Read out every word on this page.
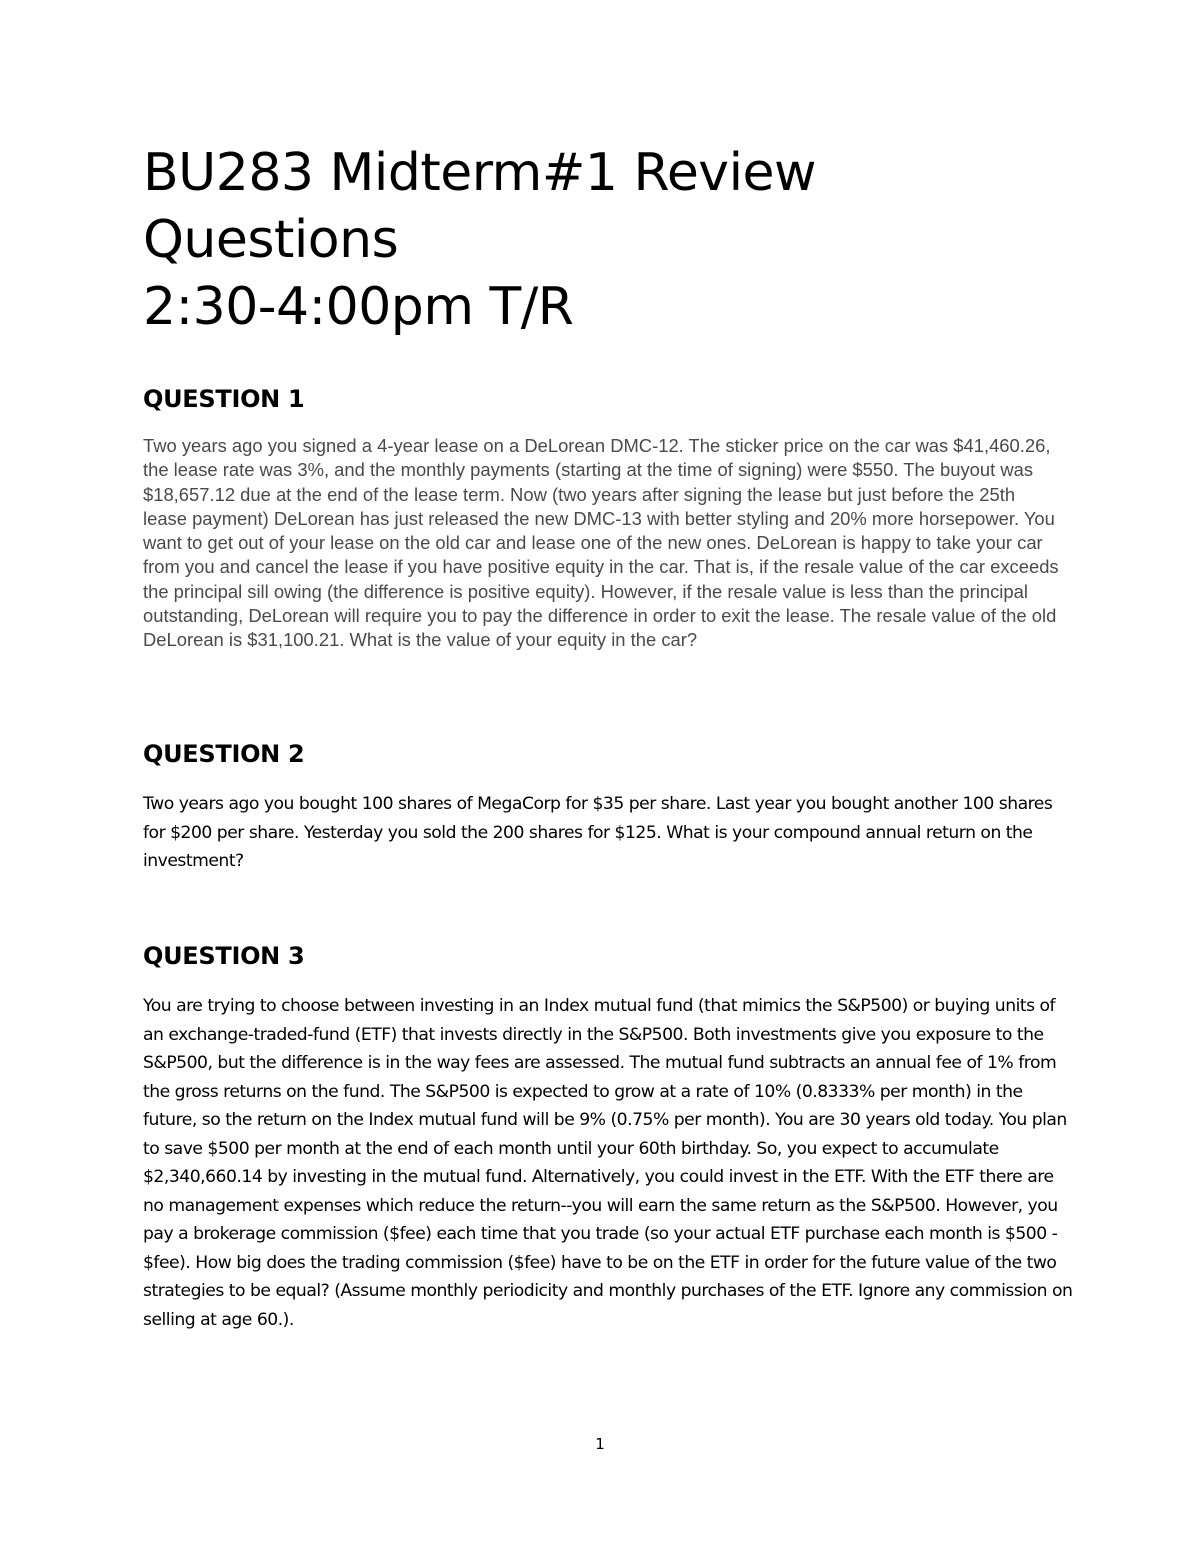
BU283 Midterm#1 Review
Questions
2:30-4:00pm T/R
QUESTION 1

Two years ago you signed a 4-year lease on a DeLorean DMC-12. The sticker price on the car was $41,460.26, the lease rate was 3%, and the monthly payments (starting at the time of signing) were $550. The buyout was $18,657.12 due at the end of the lease term. Now (two years after signing the lease but just before the 25th lease payment) DeLorean has just released the new DMC-13 with better styling and 20% more horsepower. You want to get out of your lease on the old car and lease one of the new ones. DeLorean is happy to take your car from you and cancel the lease if you have positive equity in the car. That is, if the resale value of the car exceeds the principal sill owing (the difference is positive equity). However, if the resale value is less than the principal outstanding, DeLorean will require you to pay the difference in order to exit the lease. The resale value of the old DeLorean is $31,100.21. What is the value of your equity in the car?

QUESTION 2

Two years ago you bought 100 shares of MegaCorp for $35 per share. Last year you bought another 100 shares for $200 per share. Yesterday you sold the 200 shares for $125. What is your compound annual return on the investment?

QUESTION 3

You are trying to choose between investing in an Index mutual fund (that mimics the S&P500) or buying units of an exchange-traded-fund (ETF) that invests directly in the S&P500. Both investments give you exposure to the S&P500, but the difference is in the way fees are assessed. The mutual fund subtracts an annual fee of 1% from the gross returns on the fund. The S&P500 is expected to grow at a rate of 10% (0.8333% per month) in the future, so the return on the Index mutual fund will be 9% (0.75% per month). You are 30 years old today. You plan to save $500 per month at the end of each month until your 60th birthday. So, you expect to accumulate $2,340,660.14 by investing in the mutual fund. Alternatively, you could invest in the ETF. With the ETF there are no management expenses which reduce the return--you will earn the same return as the S&P500. However, you pay a brokerage commission ($fee) each time that you trade (so your actual ETF purchase each month is $500 - $fee). How big does the trading commission ($fee) have to be on the ETF in order for the future value of the two strategies to be equal? (Assume monthly periodicity and monthly purchases of the ETF. Ignore any commission on selling at age 60.).

1
